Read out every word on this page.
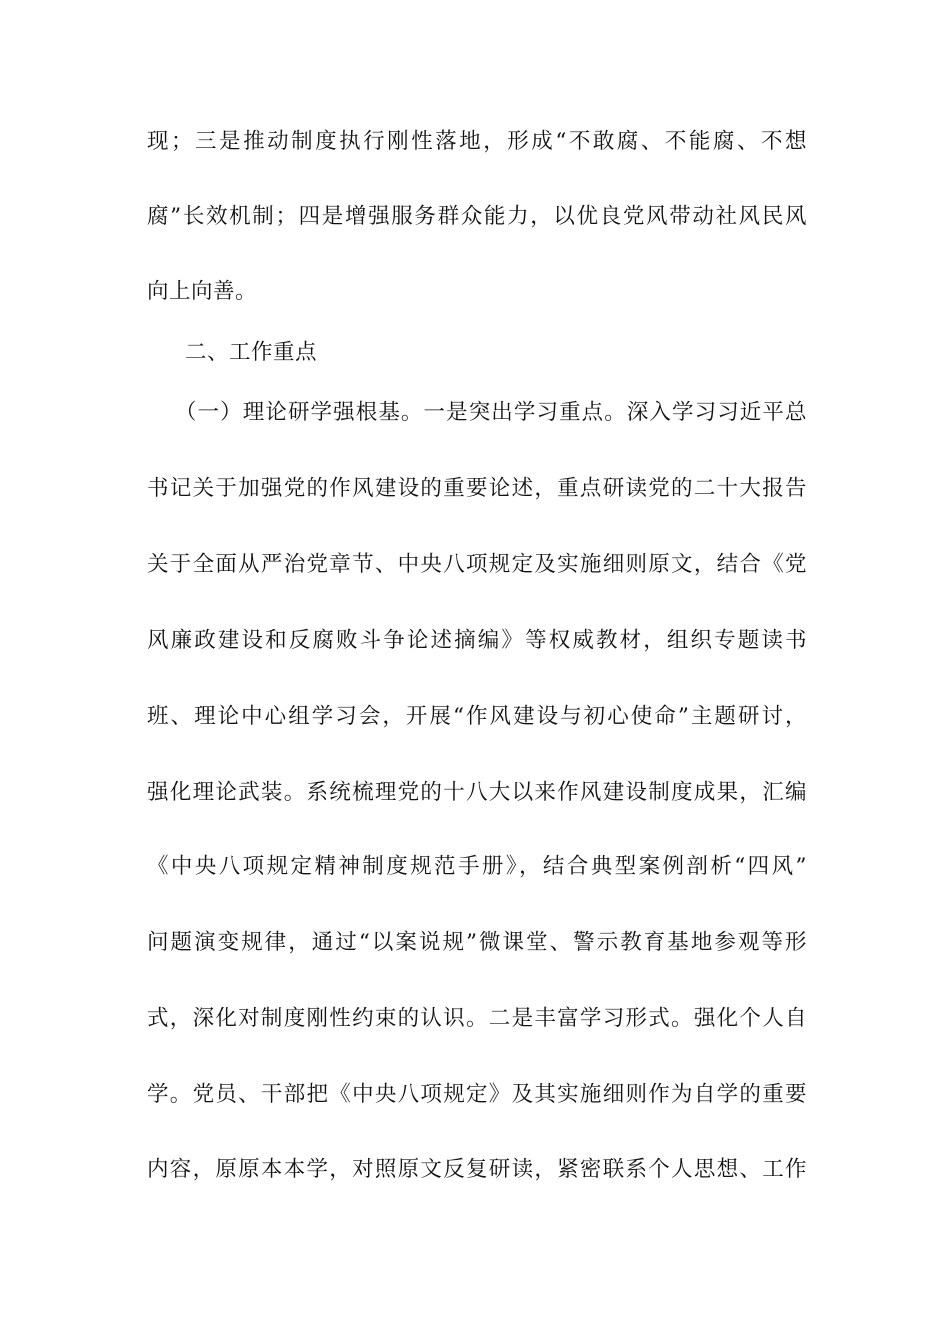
现；三是推动制度执行刚性落地，形成“不敢腐、不能腐、不想
腐”长效机制；四是增强服务群众能力，以优良党风带动社风民风
向上向善。
二、工作重点
（一）理论研学强根基。一是突出学习重点。深入学习习近平总
书记关于加强党的作风建设的重要论述，重点研读党的二十大报告
关于全面从严治党章节、中央八项规定及实施细则原文，结合《党
风廉政建设和反腐败斗争论述摘编》等权威教材，组织专题读书
班、理论中心组学习会，开展“作风建设与初心使命”主题研讨，
强化理论武装。系统梳理党的十八大以来作风建设制度成果，汇编
《中央八项规定精神制度规范手册》，结合典型案例剖析“四风”
问题演变规律，通过“以案说规”微课堂、警示教育基地参观等形
式，深化对制度刚性约束的认识。二是丰富学习形式。强化个人自
学。党员、干部把《中央八项规定》及其实施细则作为自学的重要
内容，原原本本学，对照原文反复研读，紧密联系个人思想、工作
